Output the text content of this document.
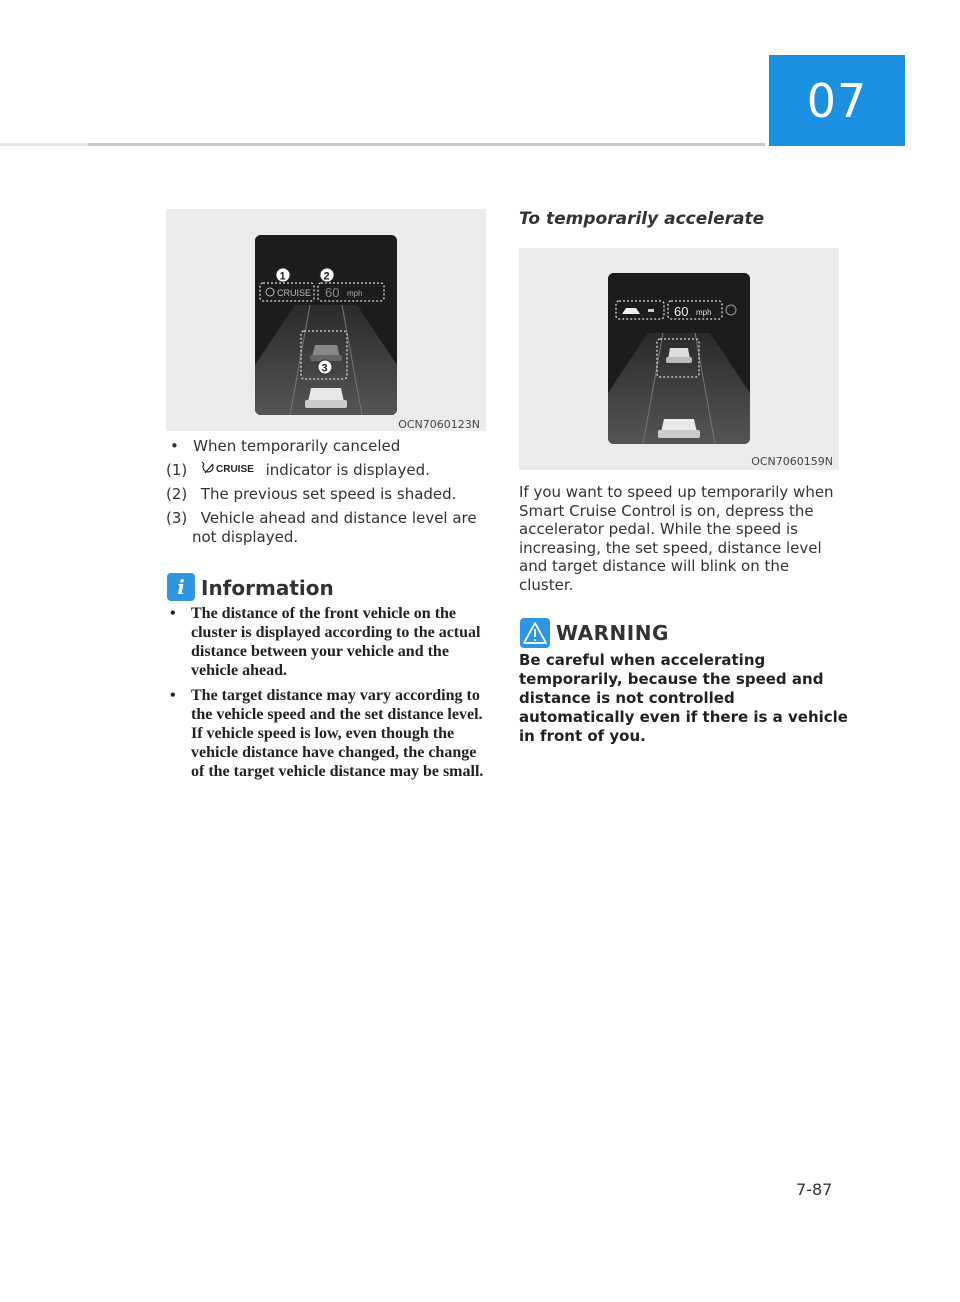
07
CRUISE 60 mph
1	2
3
OCN7060123N
•   When temporarily canceled
(1)	CRUISE indicator is displayed.
(2) The previous set speed is shaded.
(3) Vehicle ahead and distance level are
not displayed.
i Information
• The distance of the front vehicle on the cluster is displayed according to the actual distance between your vehicle and the vehicle ahead.
• The target distance may vary according to the vehicle speed and the set distance level. If vehicle speed is low, even though the vehicle distance have changed, the change of the target vehicle distance may be small.
To temporarily accelerate
60 mph
OCN7060159N
If you want to speed up temporarily when Smart Cruise Control is on, depress the accelerator pedal. While the speed is increasing, the set speed, distance level and target distance will blink on the cluster.
WARNING
Be careful when accelerating temporarily, because the speed and distance is not controlled automatically even if there is a vehicle in front of you.
7-87
